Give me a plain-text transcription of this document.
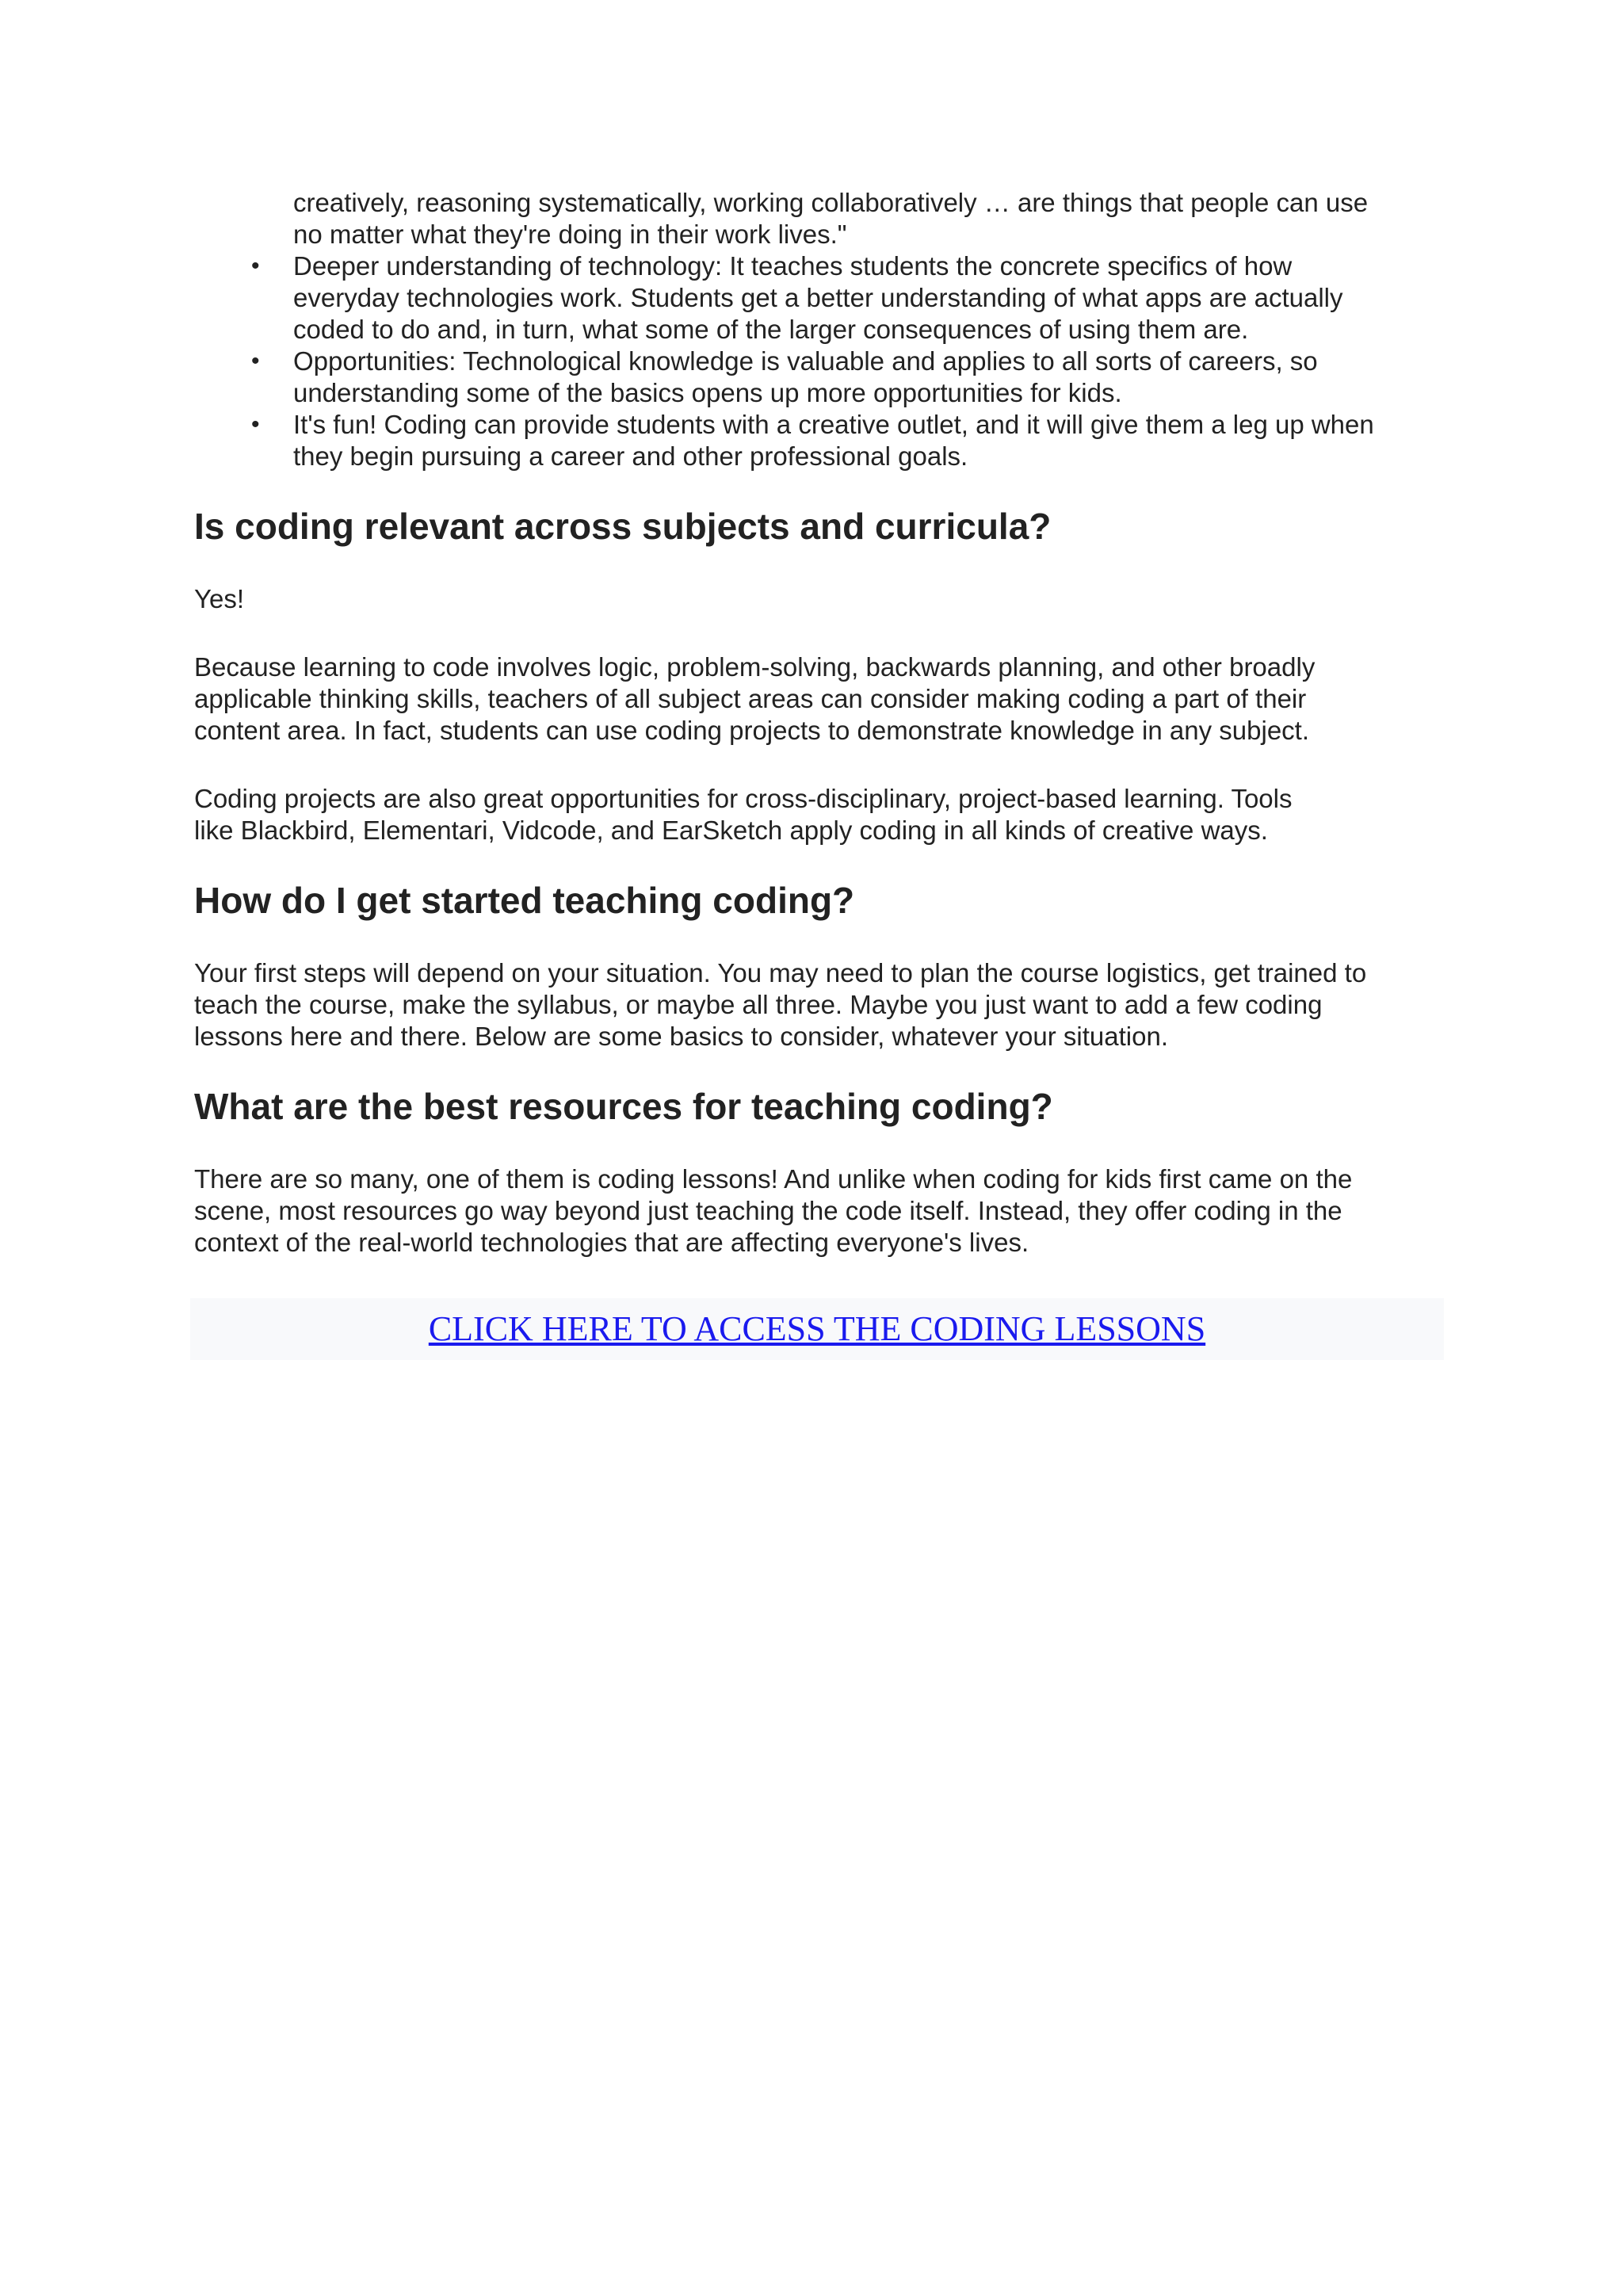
creatively, reasoning systematically, working collaboratively … are things that people can use
no matter what they're doing in their work lives."
• Deeper understanding of technology: It teaches students the concrete specifics of how
everyday technologies work. Students get a better understanding of what apps are actually
coded to do and, in turn, what some of the larger consequences of using them are.
• Opportunities: Technological knowledge is valuable and applies to all sorts of careers, so
understanding some of the basics opens up more opportunities for kids.
• It's fun! Coding can provide students with a creative outlet, and it will give them a leg up when
they begin pursuing a career and other professional goals.
Is coding relevant across subjects and curricula?

Yes!

Because learning to code involves logic, problem-solving, backwards planning, and other broadly
applicable thinking skills, teachers of all subject areas can consider making coding a part of their
content area. In fact, students can use coding projects to demonstrate knowledge in any subject.

Coding projects are also great opportunities for cross-disciplinary, project-based learning. Tools
like Blackbird, Elementari, Vidcode, and EarSketch apply coding in all kinds of creative ways.

How do I get started teaching coding?

Your first steps will depend on your situation. You may need to plan the course logistics, get trained to
teach the course, make the syllabus, or maybe all three. Maybe you just want to add a few coding
lessons here and there. Below are some basics to consider, whatever your situation.

What are the best resources for teaching coding?

There are so many, one of them is coding lessons! And unlike when coding for kids first came on the
scene, most resources go way beyond just teaching the code itself. Instead, they offer coding in the
context of the real-world technologies that are affecting everyone's lives.

CLICK HERE TO ACCESS THE CODING LESSONS
